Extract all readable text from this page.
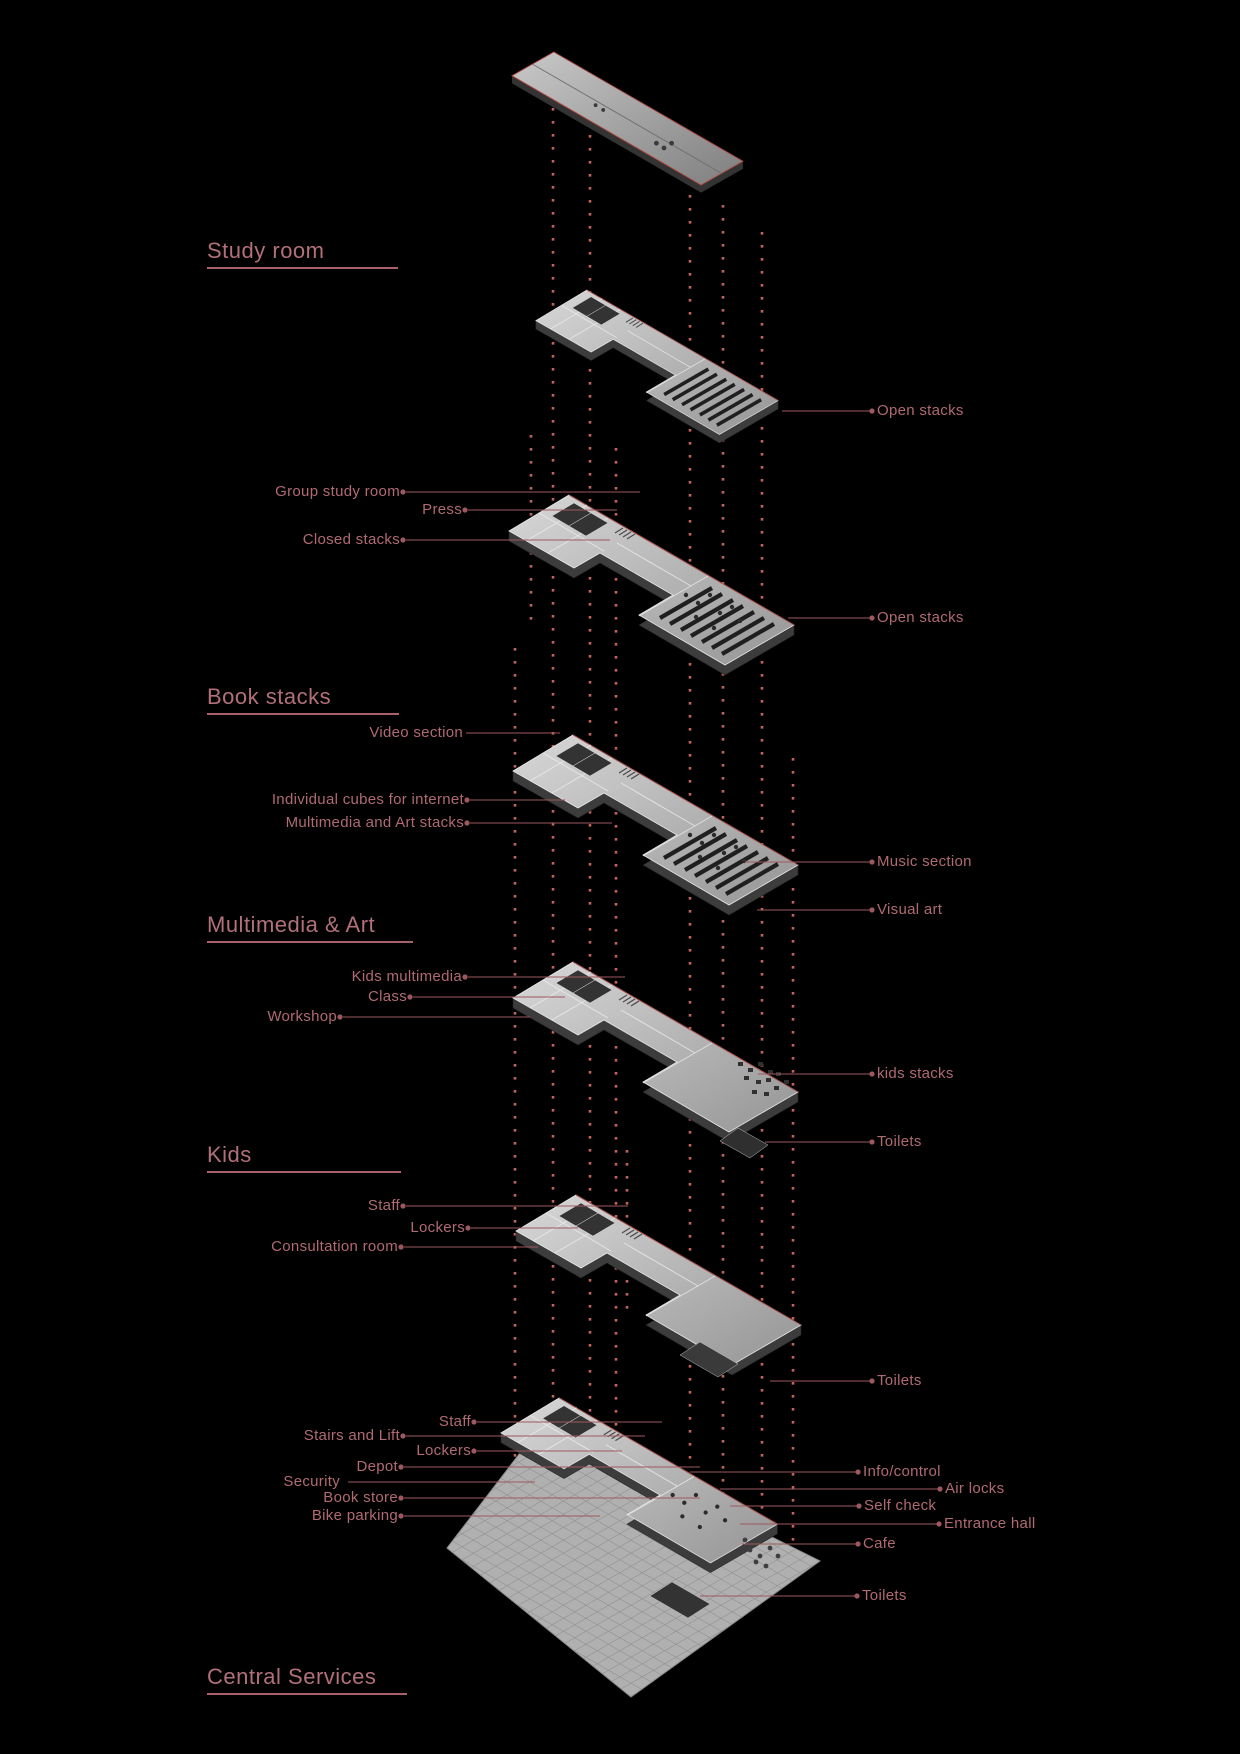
Study room
Book stacks
Multimedia & Art
Kids
Central Services
Group study room
Press
Closed stacks
Video section
Individual cubes for internet
Multimedia and Art stacks
Kids multimedia
Class
Workshop
Staff
Lockers
Consultation room
Staff
Stairs and Lift
Lockers
Depot
Security
Book store
Bike parking
Open stacks
Open stacks
Music section
Visual art
kids stacks
Toilets
Toilets
Info/control
Air locks
Self check
Entrance hall
Cafe
Toilets
